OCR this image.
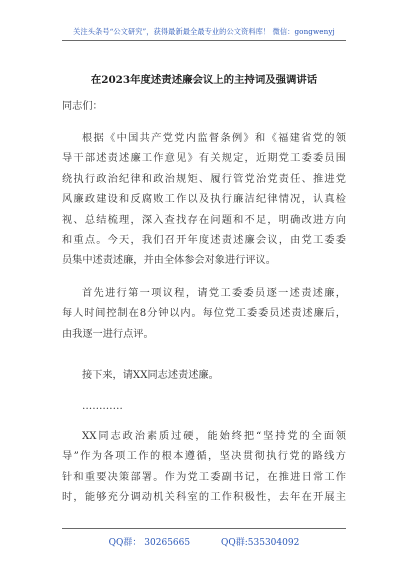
关注头条号“公文研究”，获得最新最全最专业的公文资料库！ 微信：gongwenyj
在2023年度述责述廉会议上的主持词及强调讲话
同志们：
根据《中国共产党党内监督条例》和《福建省党的领
导干部述责述廉工作意见》有关规定，近期党工委委员围
绕执行政治纪律和政治规矩、履行管党治党责任、推进党
风廉政建设和反腐败工作以及执行廉洁纪律情况，认真检
视、总结梳理，深入查找存在问题和不足，明确改进方向
和重点。今天，我们召开年度述责述廉会议，由党工委委
员集中述责述廉，并由全体参会对象进行评议。
首先进行第一项议程，请党工委委员逐一述责述廉，
每人时间控制在8分钟以内。每位党工委委员述责述廉后，
由我逐一进行点评。
接下来，请XX同志述责述廉。
…………
XX同志政治素质过硬，能始终把“坚持党的全面领
导”作为各项工作的根本遵循，坚决贯彻执行党的路线方
针和重要决策部署。作为党工委副书记，在推进日常工作
时，能够充分调动机关科室的工作积极性，去年在开展主
QQ群： 30265665	QQ群:535304092
